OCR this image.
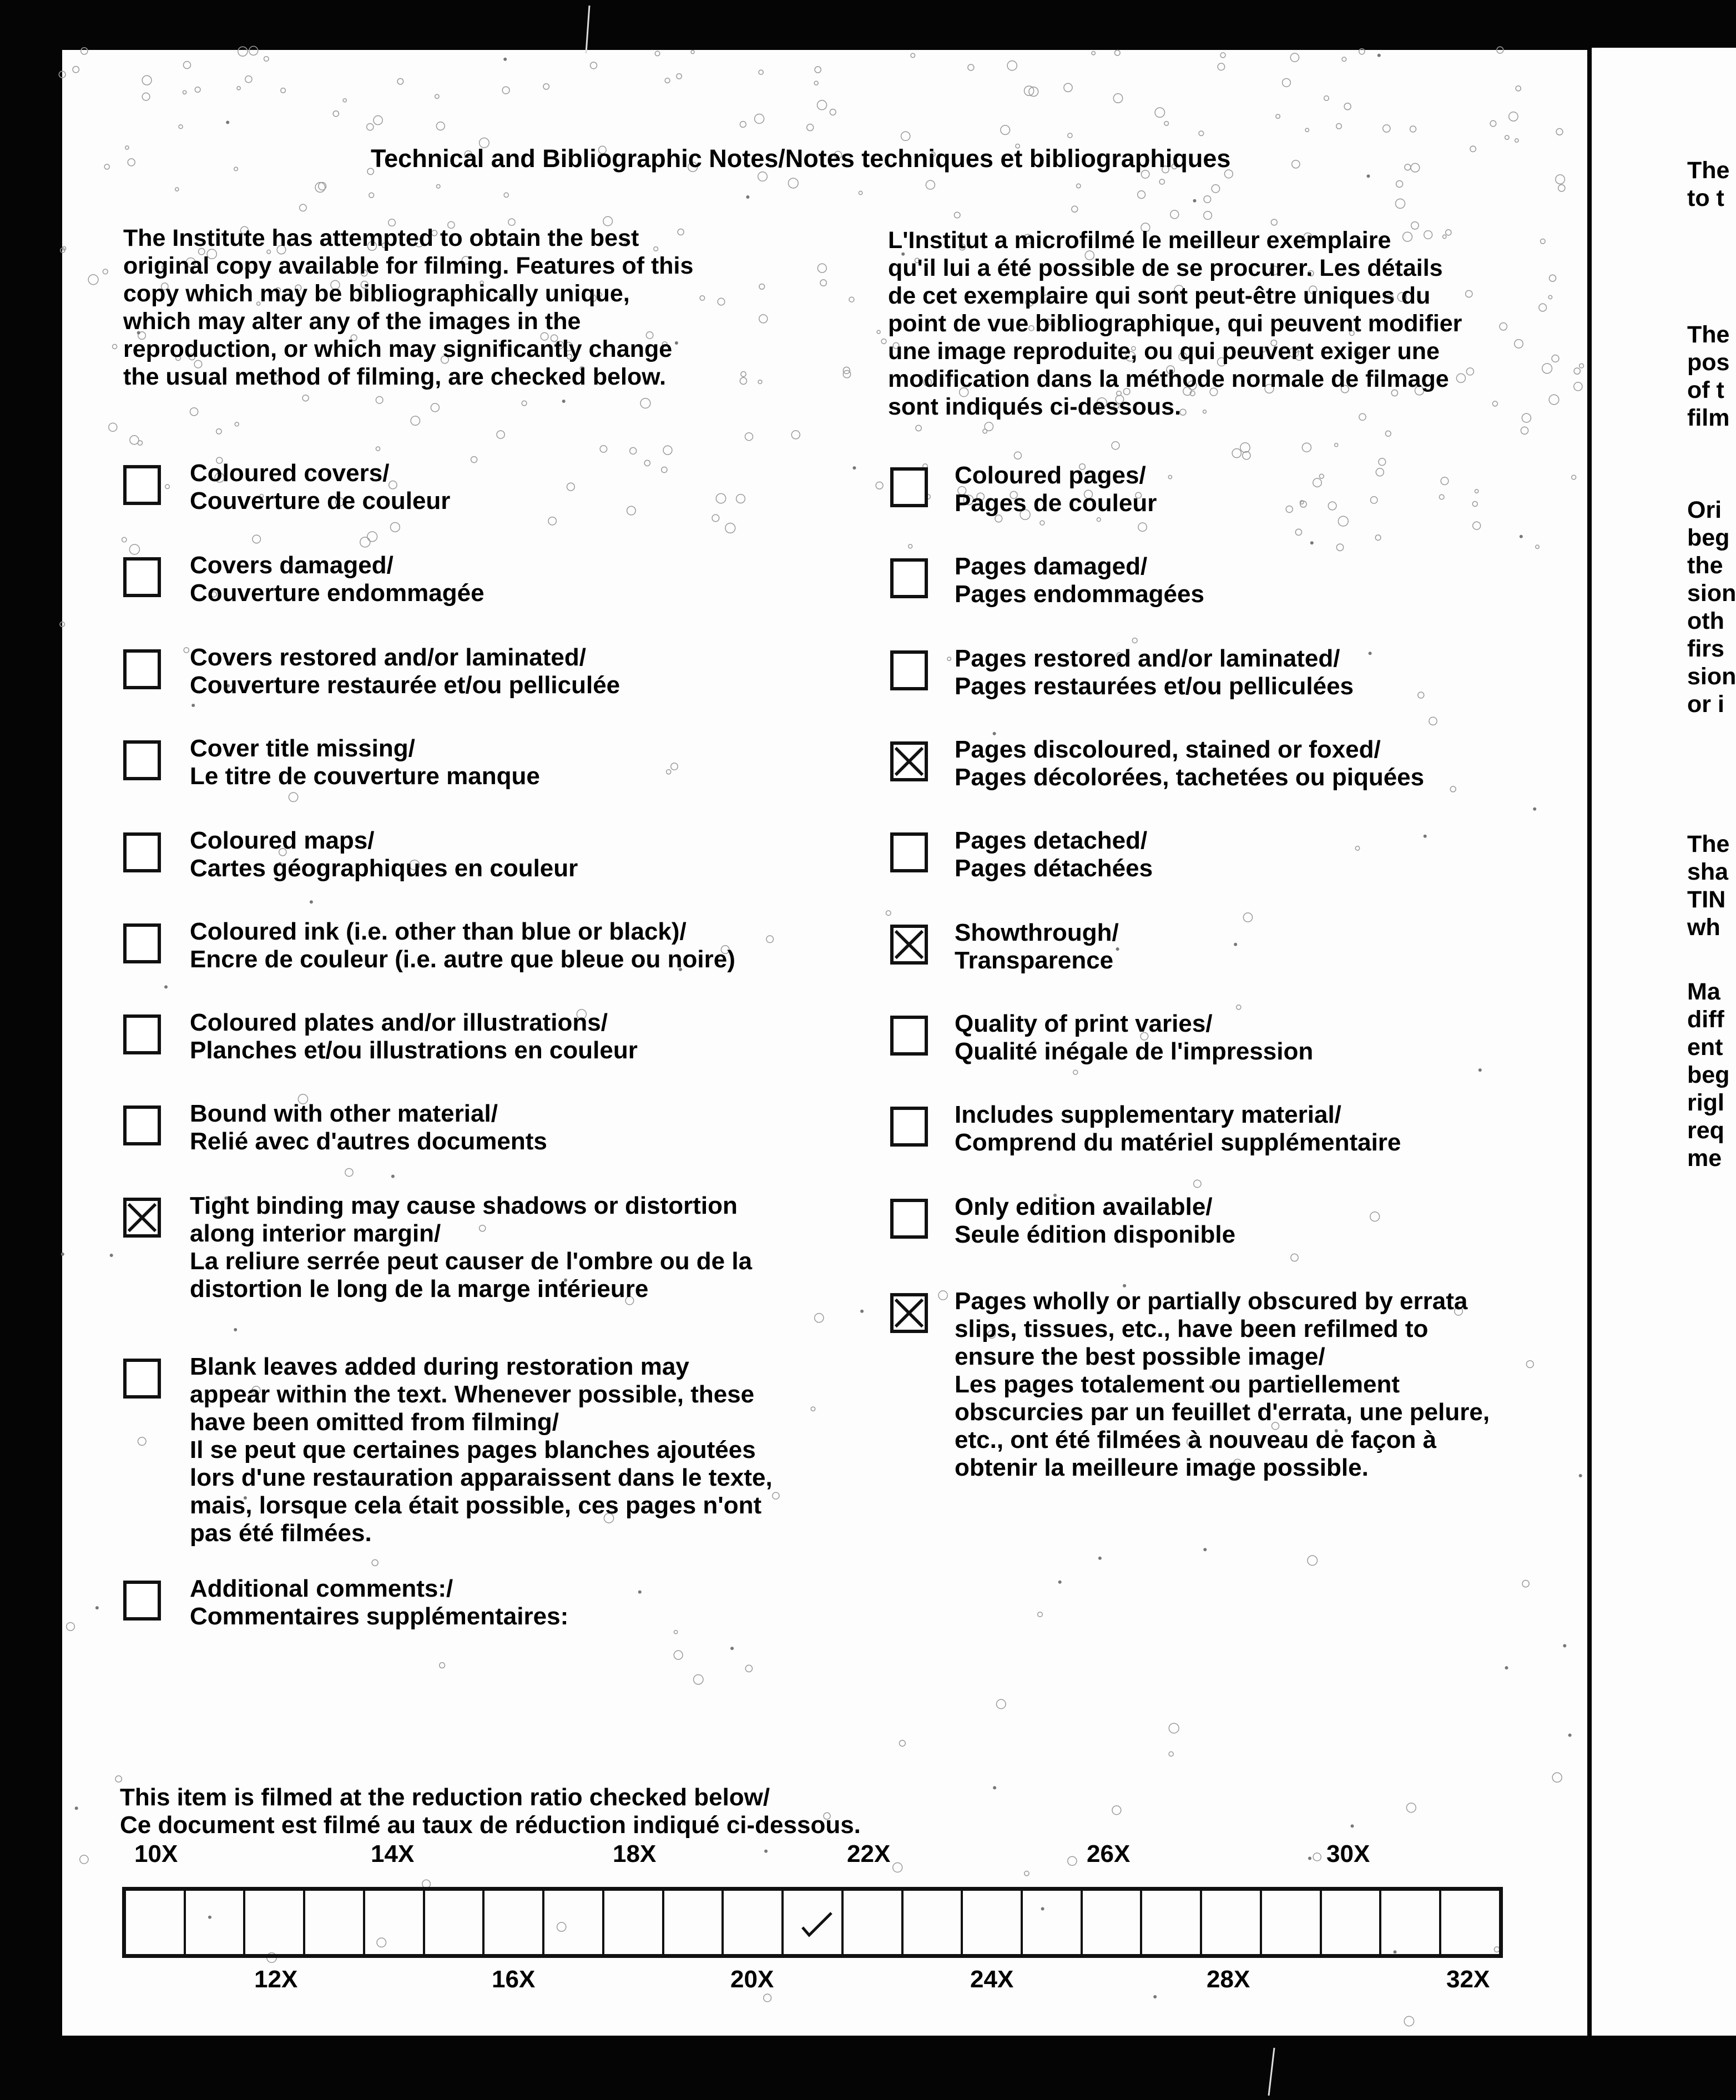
Technical and Bibliographic Notes/Notes techniques et bibliographiques
The Institute has attempted to obtain the best
original copy available for filming. Features of this
copy which may be bibliographically unique,
which may alter any of the images in the
reproduction, or which may significantly change
the usual method of filming, are checked below.
L'Institut a microfilmé le meilleur exemplaire
qu'il lui a été possible de se procurer. Les détails
de cet exemplaire qui sont peut-être uniques du
point de vue bibliographique, qui peuvent modifier
une image reproduite, ou qui peuvent exiger une
modification dans la méthode normale de filmage
sont indiqués ci-dessous.
Coloured covers/
Couverture de couleur
Covers damaged/
Couverture endommagée
Covers restored and/or laminated/
Couverture restaurée et/ou pelliculée
Cover title missing/
Le titre de couverture manque
Coloured maps/
Cartes géographiques en couleur
Coloured ink (i.e. other than blue or black)/
Encre de couleur (i.e. autre que bleue ou noire)
Coloured plates and/or illustrations/
Planches et/ou illustrations en couleur
Bound with other material/
Relié avec d'autres documents
Tight binding may cause shadows or distortion
along interior margin/
La reliure serrée peut causer de l'ombre ou de la
distortion le long de la marge intérieure
Blank leaves added during restoration may
appear within the text. Whenever possible, these
have been omitted from filming/
Il se peut que certaines pages blanches ajoutées
lors d'une restauration apparaissent dans le texte,
mais, lorsque cela était possible, ces pages n'ont
pas été filmées.
Additional comments:/
Commentaires supplémentaires:
Coloured pages/
Pages de couleur
Pages damaged/
Pages endommagées
Pages restored and/or laminated/
Pages restaurées et/ou pelliculées
Pages discoloured, stained or foxed/
Pages décolorées, tachetées ou piquées
Pages detached/
Pages détachées
Showthrough/
Transparence
Quality of print varies/
Qualité inégale de l'impression
Includes supplementary material/
Comprend du matériel supplémentaire
Only edition available/
Seule édition disponible
Pages wholly or partially obscured by errata
slips, tissues, etc., have been refilmed to
ensure the best possible image/
Les pages totalement ou partiellement
obscurcies par un feuillet d'errata, une pelure,
etc., ont été filmées à nouveau de façon à
obtenir la meilleure image possible.
This item is filmed at the reduction ratio checked below/
Ce document est filmé au taux de réduction indiqué ci-dessous.
10X	14X	18X	22X	26X	30X
12X	16X	20X	24X	28X	32X
The
to t
The
pos
of t
film
Ori
beg
the
sion
oth
firs
sion
or i
The
sha
TIN
wh
Ma
diff
ent
beg
rigl
req
me
